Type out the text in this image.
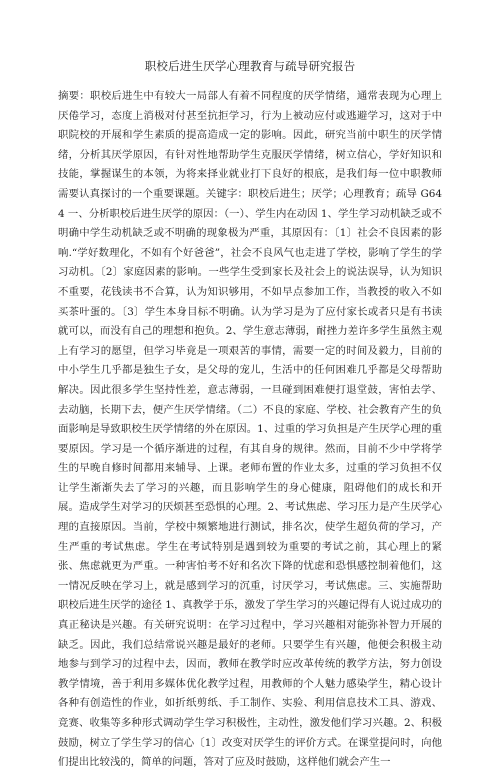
职校后进生厌学心理教育与疏导研究报告
摘要：职校后进生中有较大一局部人有着不同程度的厌学情绪，通常表现为心理上厌倦学习，态度上消极对付甚至抗拒学习，行为上被动应付或逃避学习，这对于中职院校的开展和学生素质的提高造成一定的影响。因此，研究当前中职生的厌学情绪，分析其厌学原因，有针对性地帮助学生克服厌学情绪，树立信心，学好知识和技能，掌握谋生的本领，为将来择业就业打下良好的根底，是我们每一位中职教师需要认真探讨的一个重要课题。关键字：职校后进生；厌学；心理教育；疏导 G644 一、分析职校后进生厌学的原因：（一）、学生内在动因 1、学生学习动机缺乏或不明确中学生动机缺乏或不明确的现象极为严重，其原因有：〔1〕社会不良因素的影响.“学好数理化，不如有个好爸爸”，社会不良风气也走进了学校，影响了学生的学习动机。〔2〕家庭因素的影响。一些学生受到家长及社会上的说法误导，认为知识不重要，花钱读书不合算，认为知识够用，不如早点参加工作，当教授的收入不如买茶叶蛋的。〔3〕学生本身目标不明确。认为学习是为了应付家长或者只是有书读就可以，而没有自己的理想和抱负。2、学生意志薄弱，耐挫力差许多学生虽然主观上有学习的愿望，但学习毕竟是一项艰苦的事情，需要一定的时间及毅力，目前的中小学生几乎都是独生子女，是父母的宠儿，生活中的任何困难几乎都是父母帮助解决。因此很多学生坚持性差，意志薄弱，一旦碰到困难便打退堂鼓，害怕去学、去动脑，长期下去，便产生厌学情绪。（二）不良的家庭、学校、社会教育产生的负面影响是导致职校生厌学情绪的外在原因。1、过重的学习负担是产生厌学心理的重要原因。学习是一个循序渐进的过程，有其自身的规律。然而，目前不少中学将学生的早晚自修时间都用来辅导、上课。老师布置的作业太多，过重的学习负担不仅让学生渐渐失去了学习的兴趣，而且影响学生的身心健康，阻碍他们的成长和开展。造成学生对学习的厌烦甚至恐惧的心理。2、考试焦虑、学习压力是产生厌学心理的直接原因。当前，学校中频繁地进行测试，排名次，使学生超负荷的学习，产生严重的考试焦虑。学生在考试特别是遇到较为重要的考试之前，其心理上的紧张、焦虑就更为严重。一种害怕考不好和名次下降的忧虑和恐惧感控制着他们，这一情况反映在学习上，就是感到学习的沉重，讨厌学习，考试焦虑。三、实施帮助职校后进生厌学的途径 1、真教学于乐，激发了学生学习的兴趣记得有人说过成功的真正秘诀是兴趣。有关研究说明：在学习过程中，学习兴趣相对能弥补智力开展的缺乏。因此，我们总结常说兴趣是最好的老师。只要学生有兴趣，他便会积极主动地参与到学习的过程中去，因而，教师在教学时应改革传统的教学方法，努力创设教学情境，善于利用多媒体优化教学过程，用教师的个人魅力感染学生，精心设计各种有创造性的作业，如折纸剪纸、手工制作、实验、利用信息技术工具、游戏、竞赛、收集等多种形式调动学生学习积极性，主动性，激发他们学习兴趣。2、积极鼓励，树立了学生学习的信心〔1〕改变对厌学生的评价方式。在课堂提问时，向他们提出比较浅的，简单的问题，答对了应及时鼓励，这样他们就会产生一
